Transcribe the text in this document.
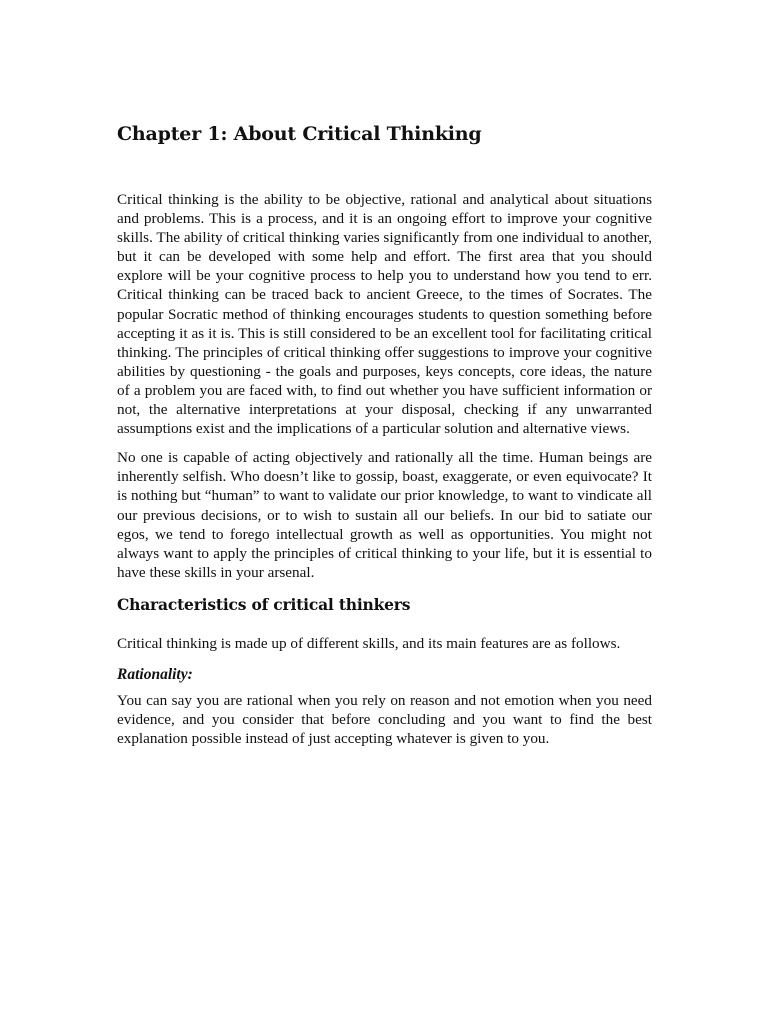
Chapter 1: About Critical Thinking

Critical thinking is the ability to be objective, rational and analytical about situations and problems. This is a process, and it is an ongoing effort to improve your cognitive skills. The ability of critical thinking varies significantly from one individual to another, but it can be developed with some help and effort. The first area that you should explore will be your cognitive process to help you to understand how you tend to err. Critical thinking can be traced back to ancient Greece, to the times of Socrates. The popular Socratic method of thinking encourages students to question something before accepting it as it is. This is still considered to be an excellent tool for facilitating critical thinking. The principles of critical thinking offer suggestions to improve your cognitive abilities by questioning - the goals and purposes, keys concepts, core ideas, the nature of a problem you are faced with, to find out whether you have sufficient information or not, the alternative interpretations at your disposal, checking if any unwarranted assumptions exist and the implications of a particular solution and alternative views.

No one is capable of acting objectively and rationally all the time. Human beings are inherently selfish. Who doesn’t like to gossip, boast, exaggerate, or even equivocate? It is nothing but “human” to want to validate our prior knowledge, to want to vindicate all our previous decisions, or to wish to sustain all our beliefs. In our bid to satiate our egos, we tend to forego intellectual growth as well as opportunities. You might not always want to apply the principles of critical thinking to your life, but it is essential to have these skills in your arsenal.

Characteristics of critical thinkers

Critical thinking is made up of different skills, and its main features are as follows.

Rationality:

You can say you are rational when you rely on reason and not emotion when you need evidence, and you consider that before concluding and you want to find the best explanation possible instead of just accepting whatever is given to you.
